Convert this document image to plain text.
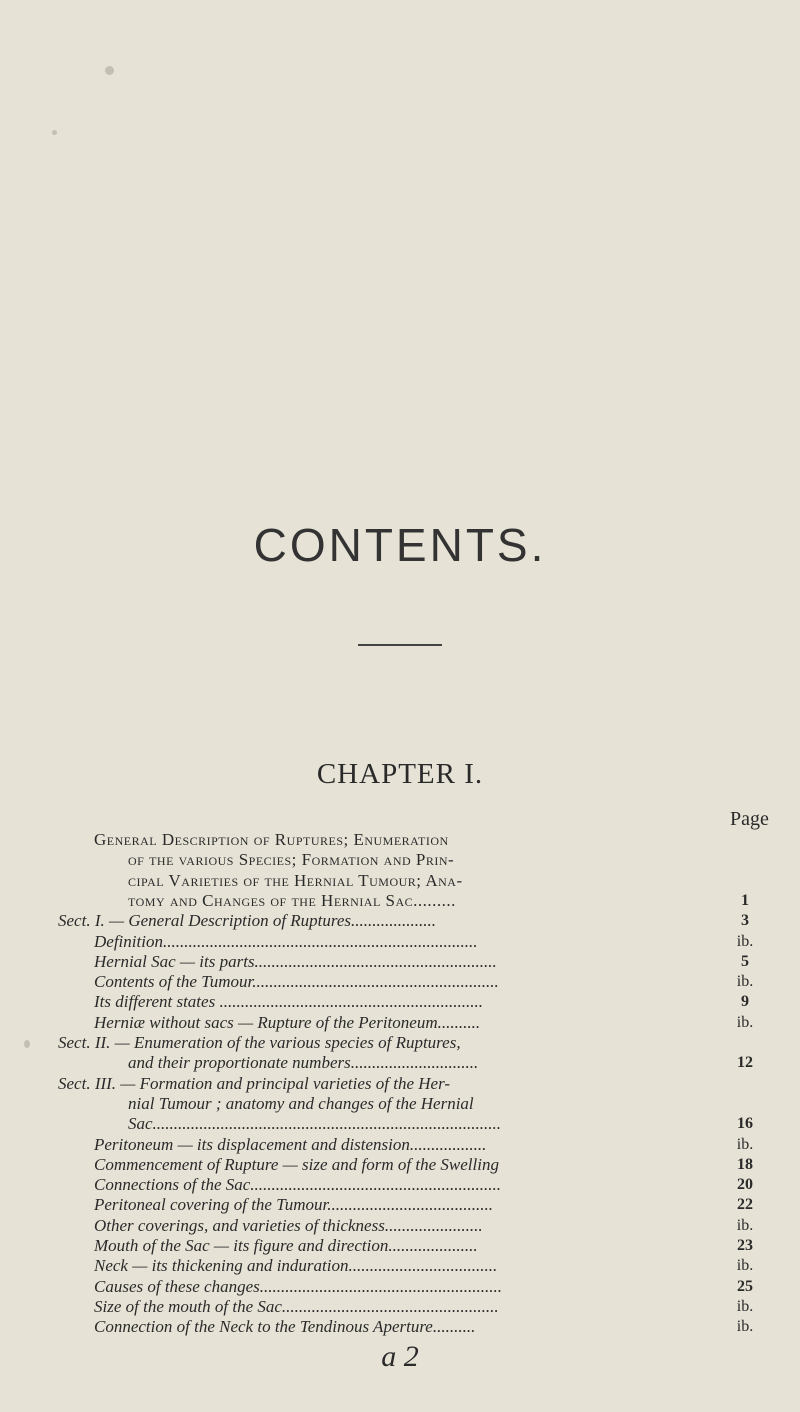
CONTENTS.
CHAPTER I.
Page
General Description of Ruptures; Enumeration
of the various Species; Formation and Prin-
cipal Varieties of the Hernial Tumour; Ana-
tomy and Changes of the Hernial Sac.........	1
Sect. I. — General Description of Ruptures....................	3
Definition..........................................................................	ib.
Hernial Sac — its parts.........................................................	5
Contents of the Tumour..........................................................	ib.
Its different states ..............................................................	9
Herniæ without sacs — Rupture of the Peritoneum..........	ib.
Sect. II. — Enumeration of the various species of Ruptures,
and their proportionate numbers..............................	12
Sect. III. — Formation and principal varieties of the Her-
nial Tumour ; anatomy and changes of the Hernial
Sac..................................................................................	16
Peritoneum — its displacement and distension..................	ib.
Commencement of Rupture — size and form of the Swelling	18
Connections of the Sac...........................................................	20
Peritoneal covering of the Tumour.......................................	22
Other coverings, and varieties of thickness.......................	ib.
Mouth of the Sac — its figure and direction.....................	23
Neck — its thickening and induration...................................	ib.
Causes of these changes.........................................................	25
Size of the mouth of the Sac...................................................	ib.
Connection of the Neck to the Tendinous Aperture..........	ib.
a 2
